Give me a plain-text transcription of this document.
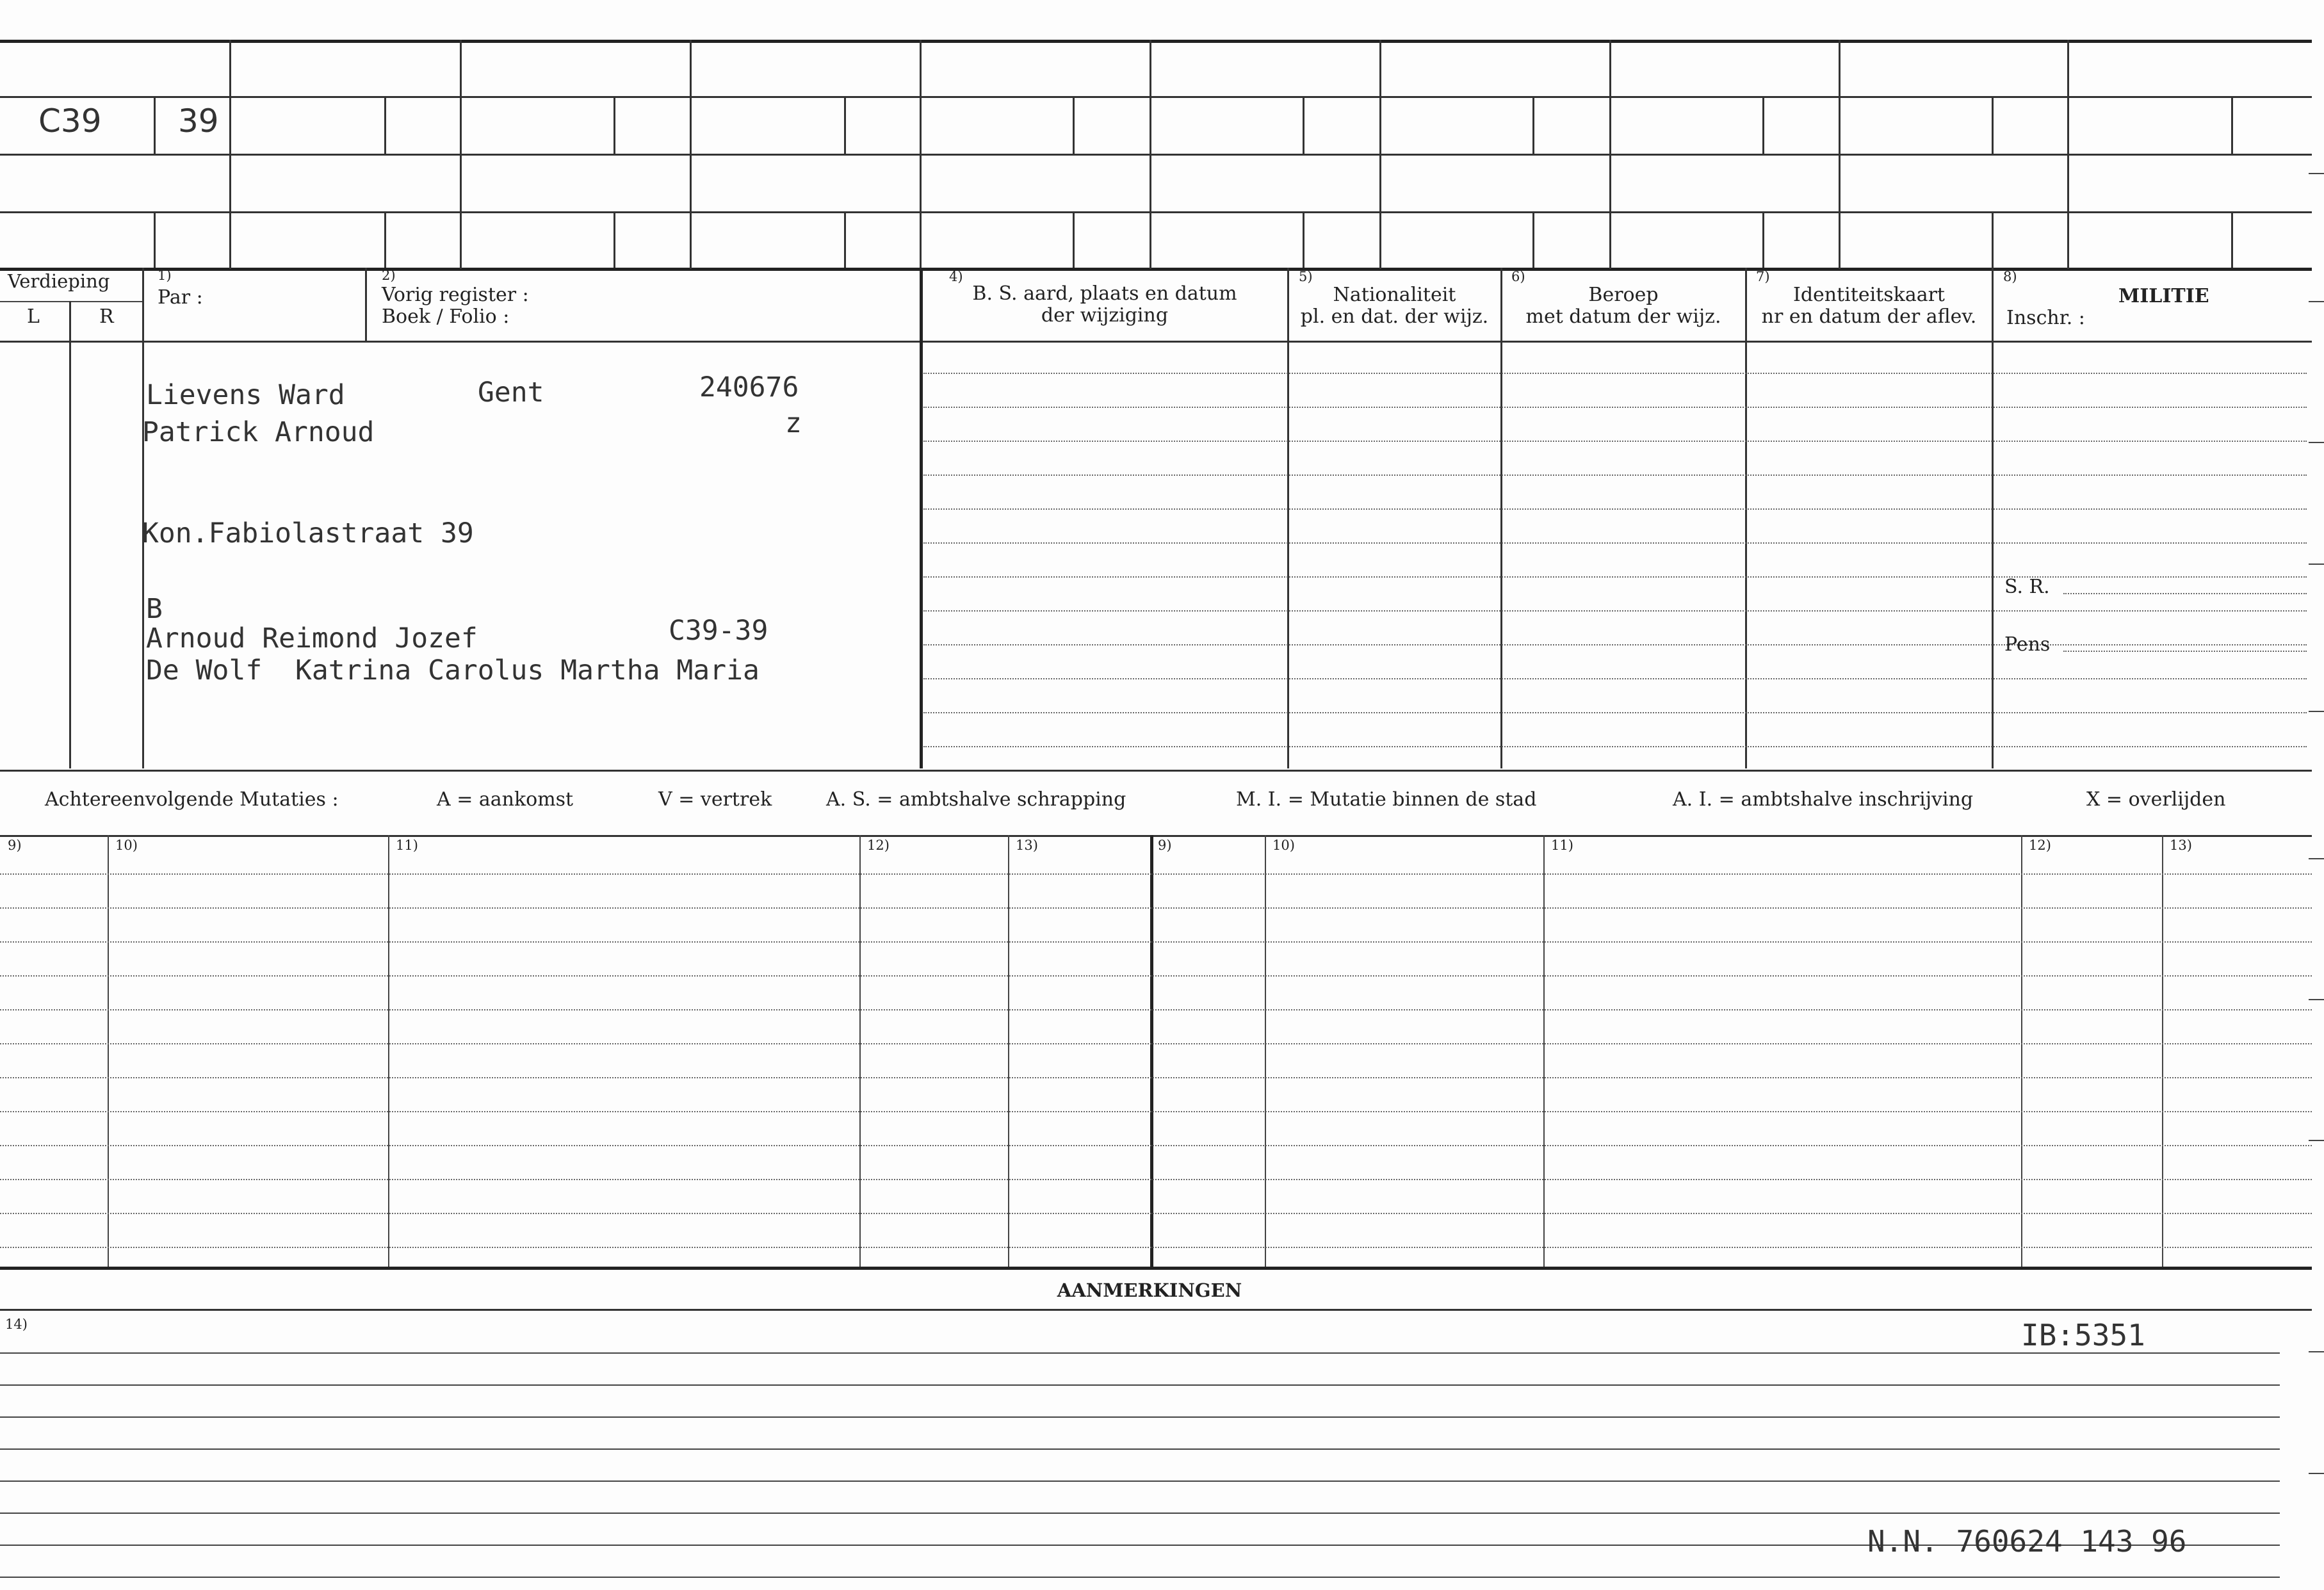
C39 39
Verdieping
L	R
1)
Par :
2)
Vorig register :
Boek / Folio :
4)
B. S. aard, plaats en datum
der wijziging
5)
Nationaliteit
pl. en dat. der wijz.
6)
Beroep
met datum der wijz.
7)
Identiteitskaart
nr en datum der aflev.
8)
MILITIE
Inschr. :
S. R.
Pens
Lievens Ward
Patrick Arnoud
Gent	240676
z
Kon.Fabiolastraat 39
B
Arnoud Reimond Jozef	C39-39
De Wolf  Katrina Carolus Martha Maria
Achtereenvolgende Mutaties :	A = aankomst	V = vertrek	A. S. = ambtshalve schrapping	M. I. = Mutatie binnen de stad	A. I. = ambtshalve inschrijving	X = overlijden
9)	10)	11)	12)	13)	9)	10)	11)	12)	13)
AANMERKINGEN
14)	IB:5351
N.N. 760624 143 96
